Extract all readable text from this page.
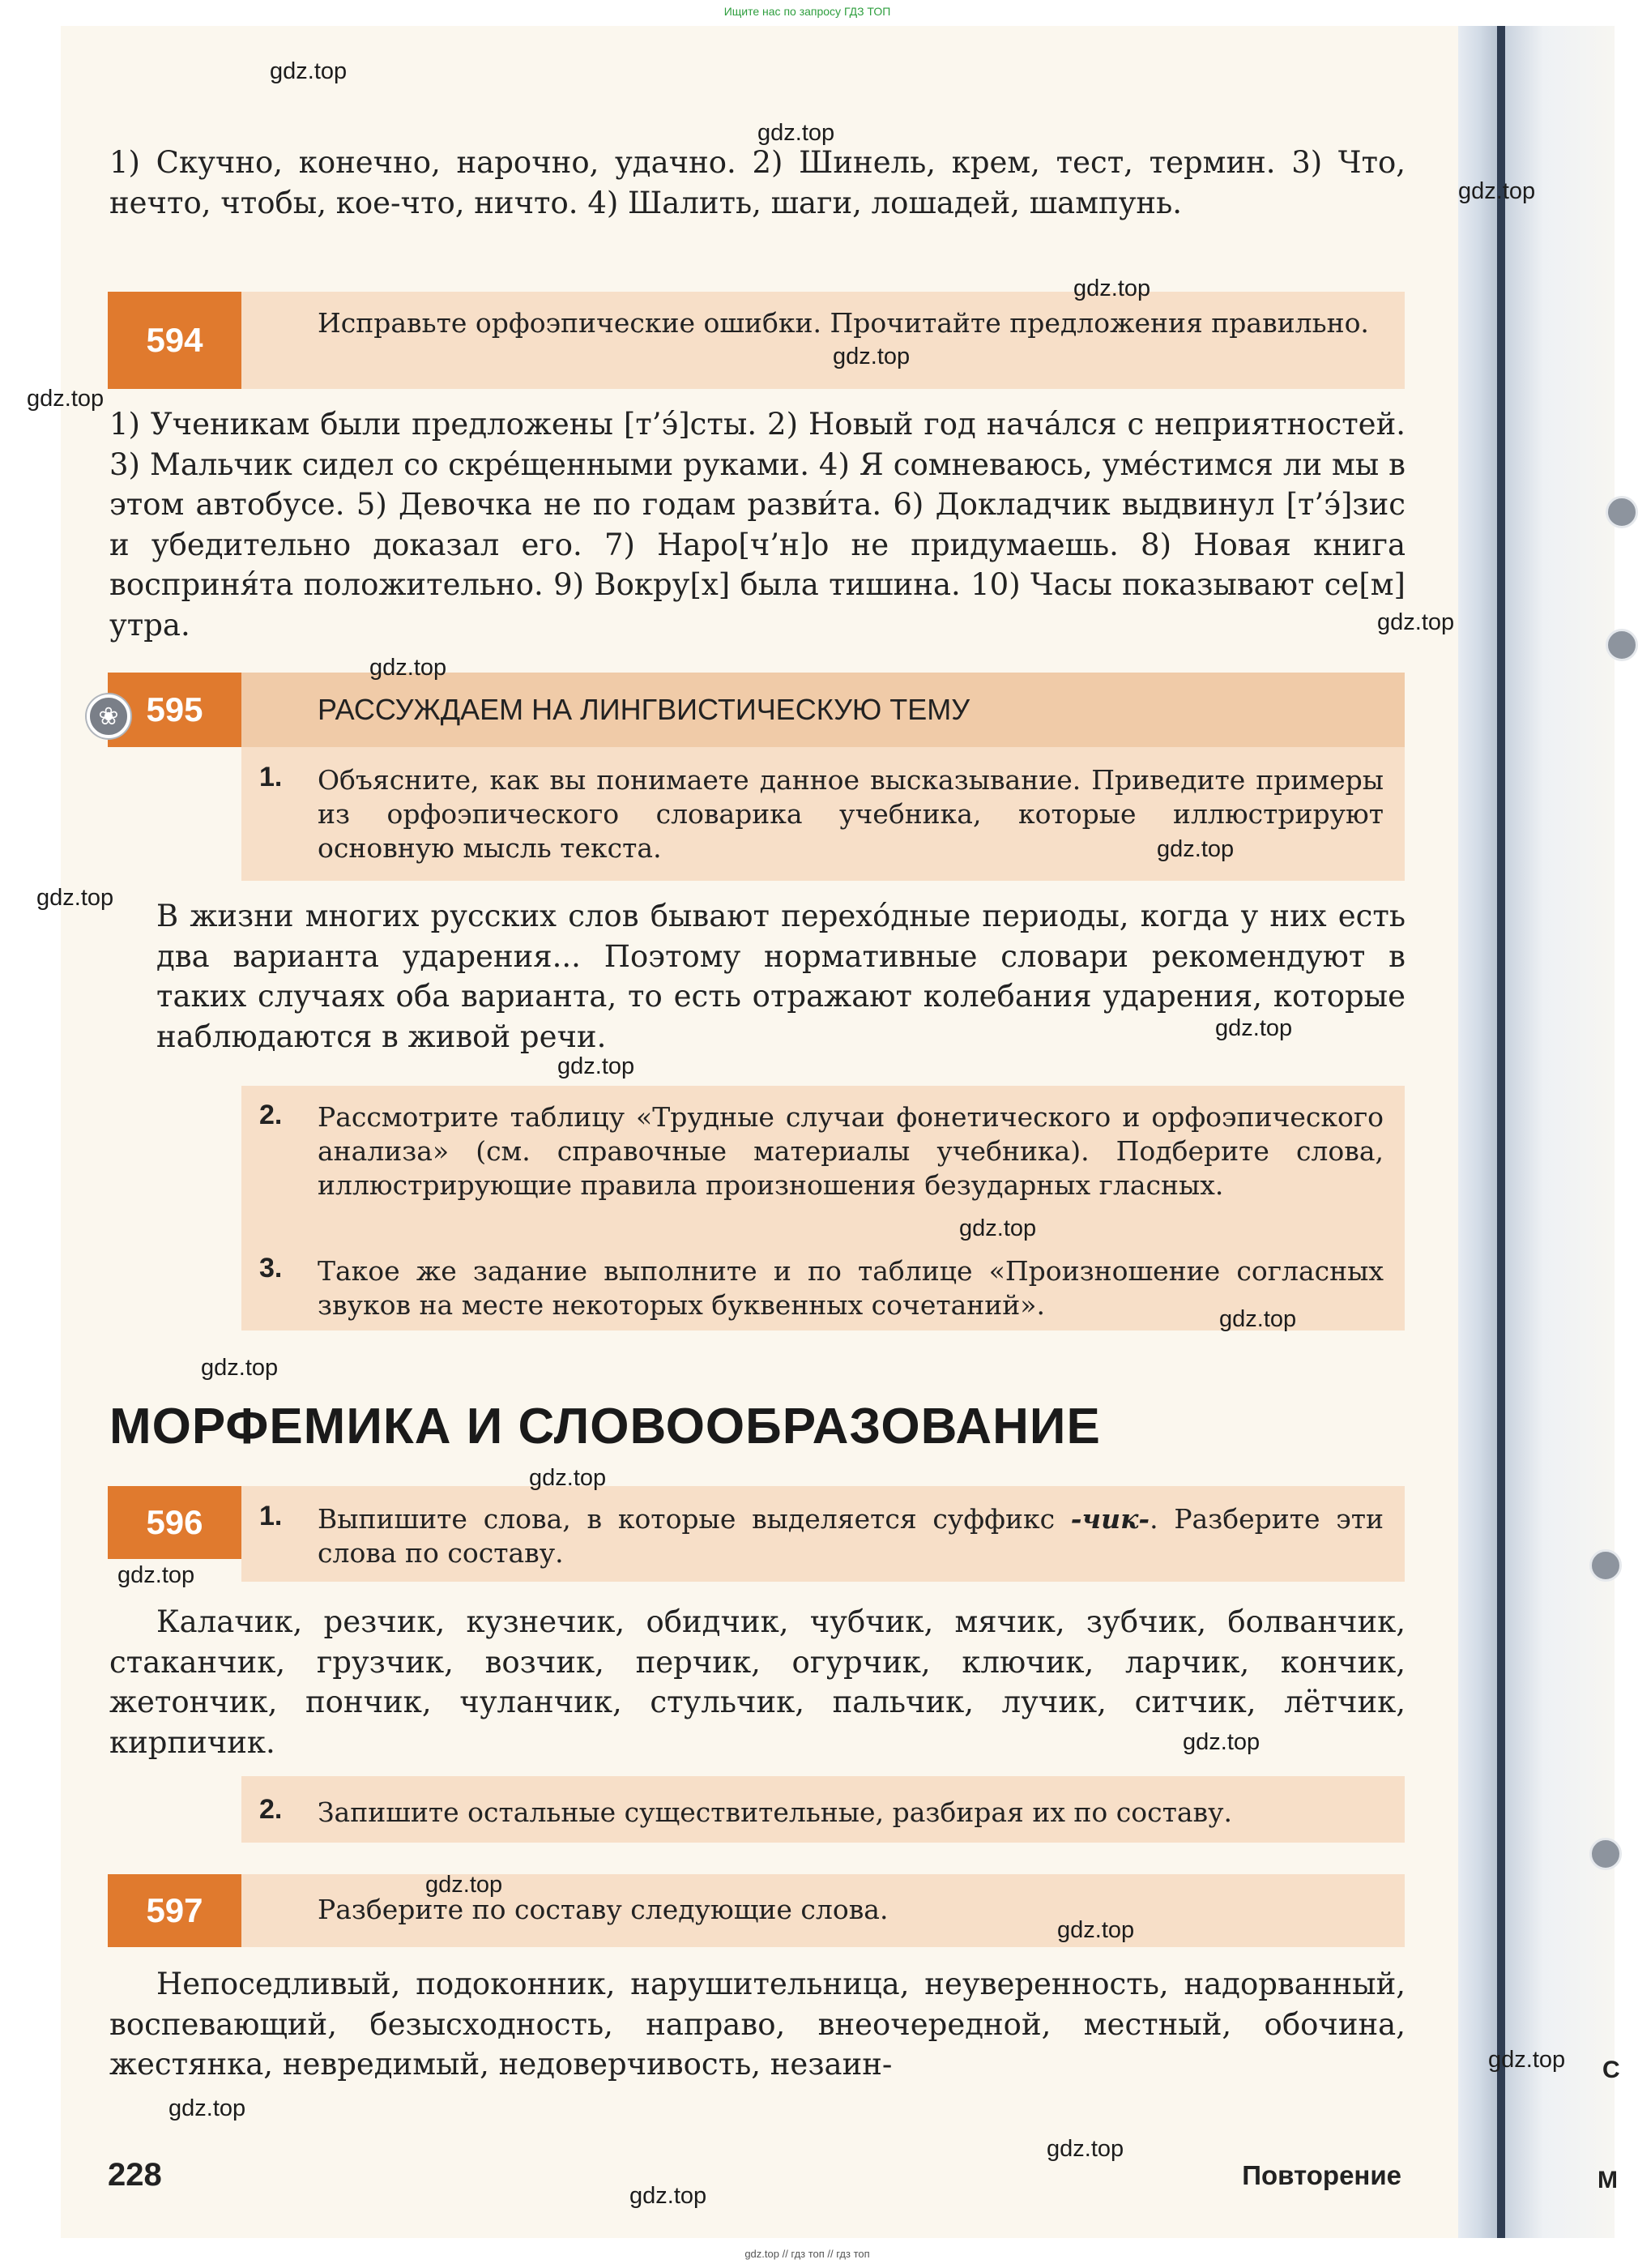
Ищите нас по запросу ГДЗ ТОП
С
М

1) Скучно, конечно, нарочно, удачно. 2) Шинель, крем, тест, термин. 3) Что, нечто, чтобы, кое-что, ничто. 4) Шалить, шаги, лошадей, шампунь.

594	Исправьте орфоэпические ошибки. Прочитайте предложения правильно.

1) Ученикам были предложены [т’э́]сты. 2) Новый год нача́лся с неприятностей. 3) Мальчик сидел со скре́щенными руками. 4) Я сомневаюсь, уме́стимся ли мы в этом автобусе. 5) Девочка не по годам разви́та. 6) Докладчик выдвинул [т’э́]зис и убедительно доказал его. 7) Наро[ч’н]о не придумаешь. 8) Новая книга восприня́та положительно. 9) Вокру[х] была тишина. 10) Часы показывают се[м] утра.

595
❀	РАССУЖДАЕМ НА ЛИНГВИСТИЧЕСКУЮ ТЕМУ
1. Объясните, как вы понимаете данное высказывание. Приведите примеры из орфоэпического словарика учебника, которые иллюстрируют основную мысль текста.

В жизни многих русских слов бывают перехо́дные периоды, когда у них есть два варианта ударения... Поэтому нормативные словари рекомендуют в таких случаях оба варианта, то есть отражают колебания ударения, которые наблюдаются в живой речи.

2. Рассмотрите таблицу «Трудные случаи фонетического и орфоэпического анализа» (см. справочные материалы учебника). Подберите слова, иллюстрирующие правила произношения безударных гласных.
3. Такое же задание выполните и по таблице «Произношение согласных звуков на месте некоторых буквенных сочетаний».
МОРФЕМИКА И СЛОВООБРАЗОВАНИЕ
596	1. Выпишите слова, в которые выделяется суффикс -чик-. Разберите эти слова по составу.

Калачик, резчик, кузнечик, обидчик, чубчик, мячик, зубчик, болванчик, стаканчик, грузчик, возчик, перчик, огурчик, ключик, ларчик, кончик, жетончик, пончик, чуланчик, стульчик, пальчик, лучик, ситчик, лётчик, кирпичик.

2. Запишите остальные существительные, разбирая их по составу.
597	Разберите по составу следующие слова.

Непоседливый, подоконник, нарушительница, неуверенность, надорванный, воспевающий, безысходность, направо, внеочередной, местный, обочина, жестянка, невредимый, недоверчивость, незаин-

228	Повторение
gdz.top
gdz.top
gdz.top
gdz.top
gdz.top
gdz.top
gdz.top
gdz.top
gdz.top
gdz.top
gdz.top
gdz.top
gdz.top
gdz.top
gdz.top
gdz.top
gdz.top
gdz.top
gdz.top
gdz.top
gdz.top
gdz.top
gdz.top
gdz.top
gdz.top // гдз топ // гдз топ
